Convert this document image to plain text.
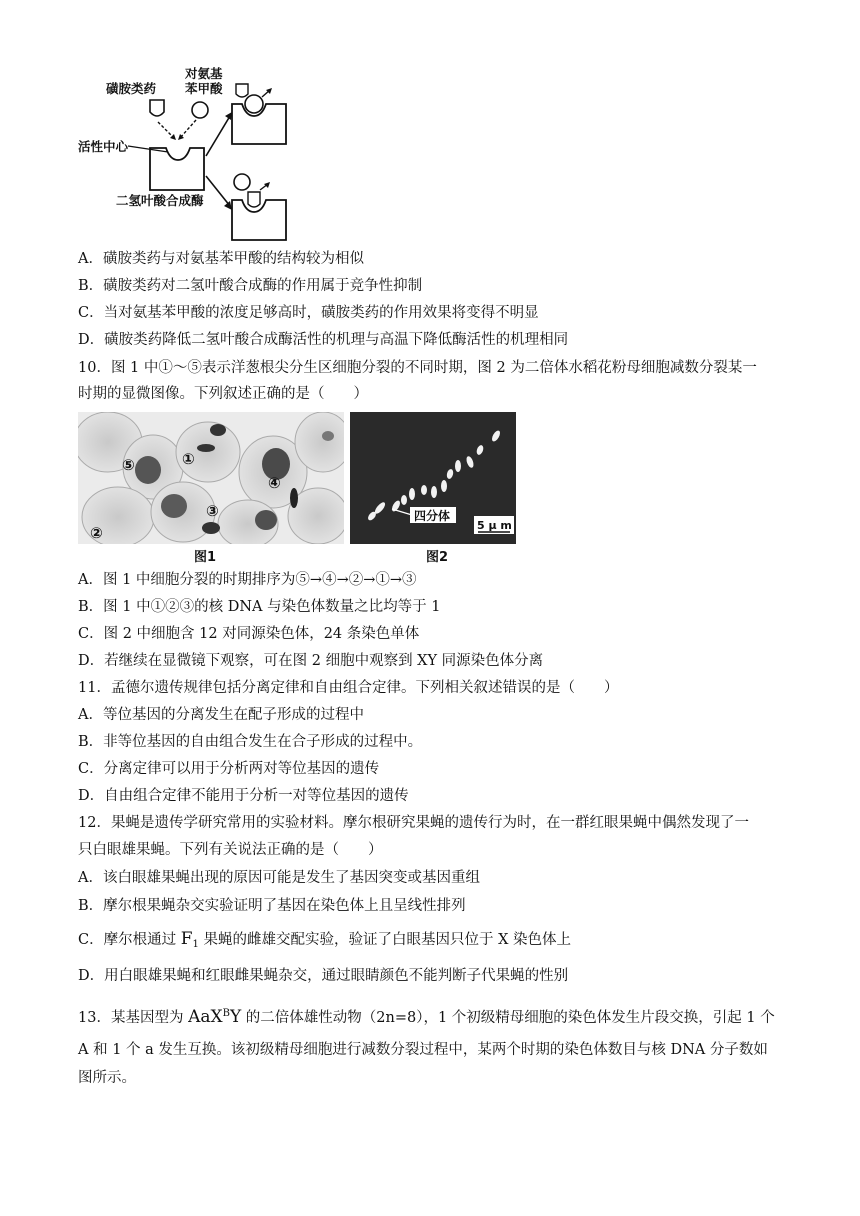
对氨基
苯甲酸
磺胺类药
活性中心
二氢叶酸合成酶
A．磺胺类药与对氨基苯甲酸的结构较为相似
B．磺胺类药对二氢叶酸合成酶的作用属于竞争性抑制
C．当对氨基苯甲酸的浓度足够高时，磺胺类药的作用效果将变得不明显
D．磺胺类药降低二氢叶酸合成酶活性的机理与高温下降低酶活性的机理相同
10．图 1 中①～⑤表示洋葱根尖分生区细胞分裂的不同时期，图 2 为二倍体水稻花粉母细胞减数分裂某一
时期的显微图像。下列叙述正确的是（　　）
⑤	①
④
③
②
图1
四分体
5 μ m
图2
A．图 1 中细胞分裂的时期排序为⑤→④→②→①→③
B．图 1 中①②③的核 DNA 与染色体数量之比均等于 1
C．图 2 中细胞含 12 对同源染色体，24 条染色单体
D．若继续在显微镜下观察，可在图 2 细胞中观察到 XY 同源染色体分离
11．孟德尔遗传规律包括分离定律和自由组合定律。下列相关叙述错误的是（　　）
A．等位基因的分离发生在配子形成的过程中
B．非等位基因的自由组合发生在合子形成的过程中。
C．分离定律可以用于分析两对等位基因的遗传
D．自由组合定律不能用于分析一对等位基因的遗传
12．果蝇是遗传学研究常用的实验材料。摩尔根研究果蝇的遗传行为时，在一群红眼果蝇中偶然发现了一
只白眼雄果蝇。下列有关说法正确的是（　　）
A．该白眼雄果蝇出现的原因可能是发生了基因突变或基因重组
B．摩尔根果蝇杂交实验证明了基因在染色体上且呈线性排列
C．摩尔根通过 $F_1$ 果蝇的雌雄交配实验，验证了白眼基因只位于 X 染色体上
D．用白眼雄果蝇和红眼雌果蝇杂交，通过眼睛颜色不能判断子代果蝇的性别
13．某基因型为 AaX$^B$Y 的二倍体雄性动物（2n=8），1 个初级精母细胞的染色体发生片段交换，引起 1 个
A 和 1 个 a 发生互换。该初级精母细胞进行减数分裂过程中，某两个时期的染色体数目与核 DNA 分子数如
图所示。
